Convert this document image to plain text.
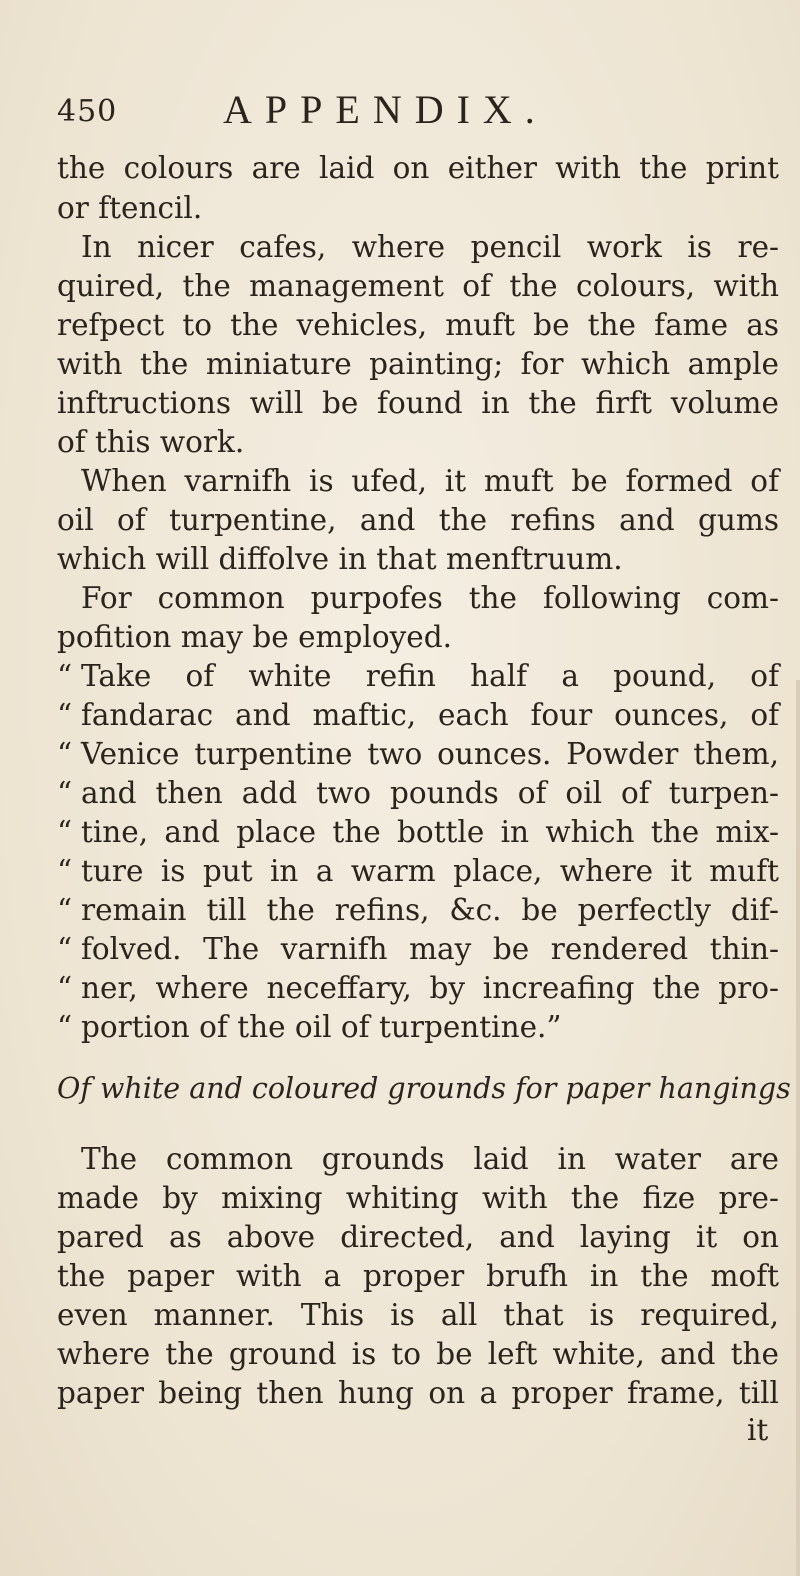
450	APPENDIX.
the colours are laid on either with the print
or ftencil.
In nicer cafes, where pencil work is re-
quired, the management of the colours, with
refpect to the vehicles, muft be the fame as
with the miniature painting; for which ample
inftructions will be found in the firft volume
of this work.
When varnifh is ufed, it muft be formed of
oil of turpentine, and the refins and gums
which will diffolve in that menftruum.
For common purpofes the following com-
pofition may be employed.
“ Take of white refin half a pound, of
“ fandarac and maftic, each four ounces, of
“ Venice turpentine two ounces. Powder them,
“ and then add two pounds of oil of turpen-
“ tine, and place the bottle in which the mix-
“ ture is put in a warm place, where it muft
“ remain till the refins, &c. be perfectly dif-
“ folved. The varnifh may be rendered thin-
“ ner, where neceffary, by increafing the pro-
“ portion of the oil of turpentine.”
Of white and coloured grounds for paper hangings
The common grounds laid in water are
made by mixing whiting with the fize pre-
pared as above directed, and laying it on
the paper with a proper brufh in the moft
even manner. This is all that is required,
where the ground is to be left white, and the
paper being then hung on a proper frame, till
it
